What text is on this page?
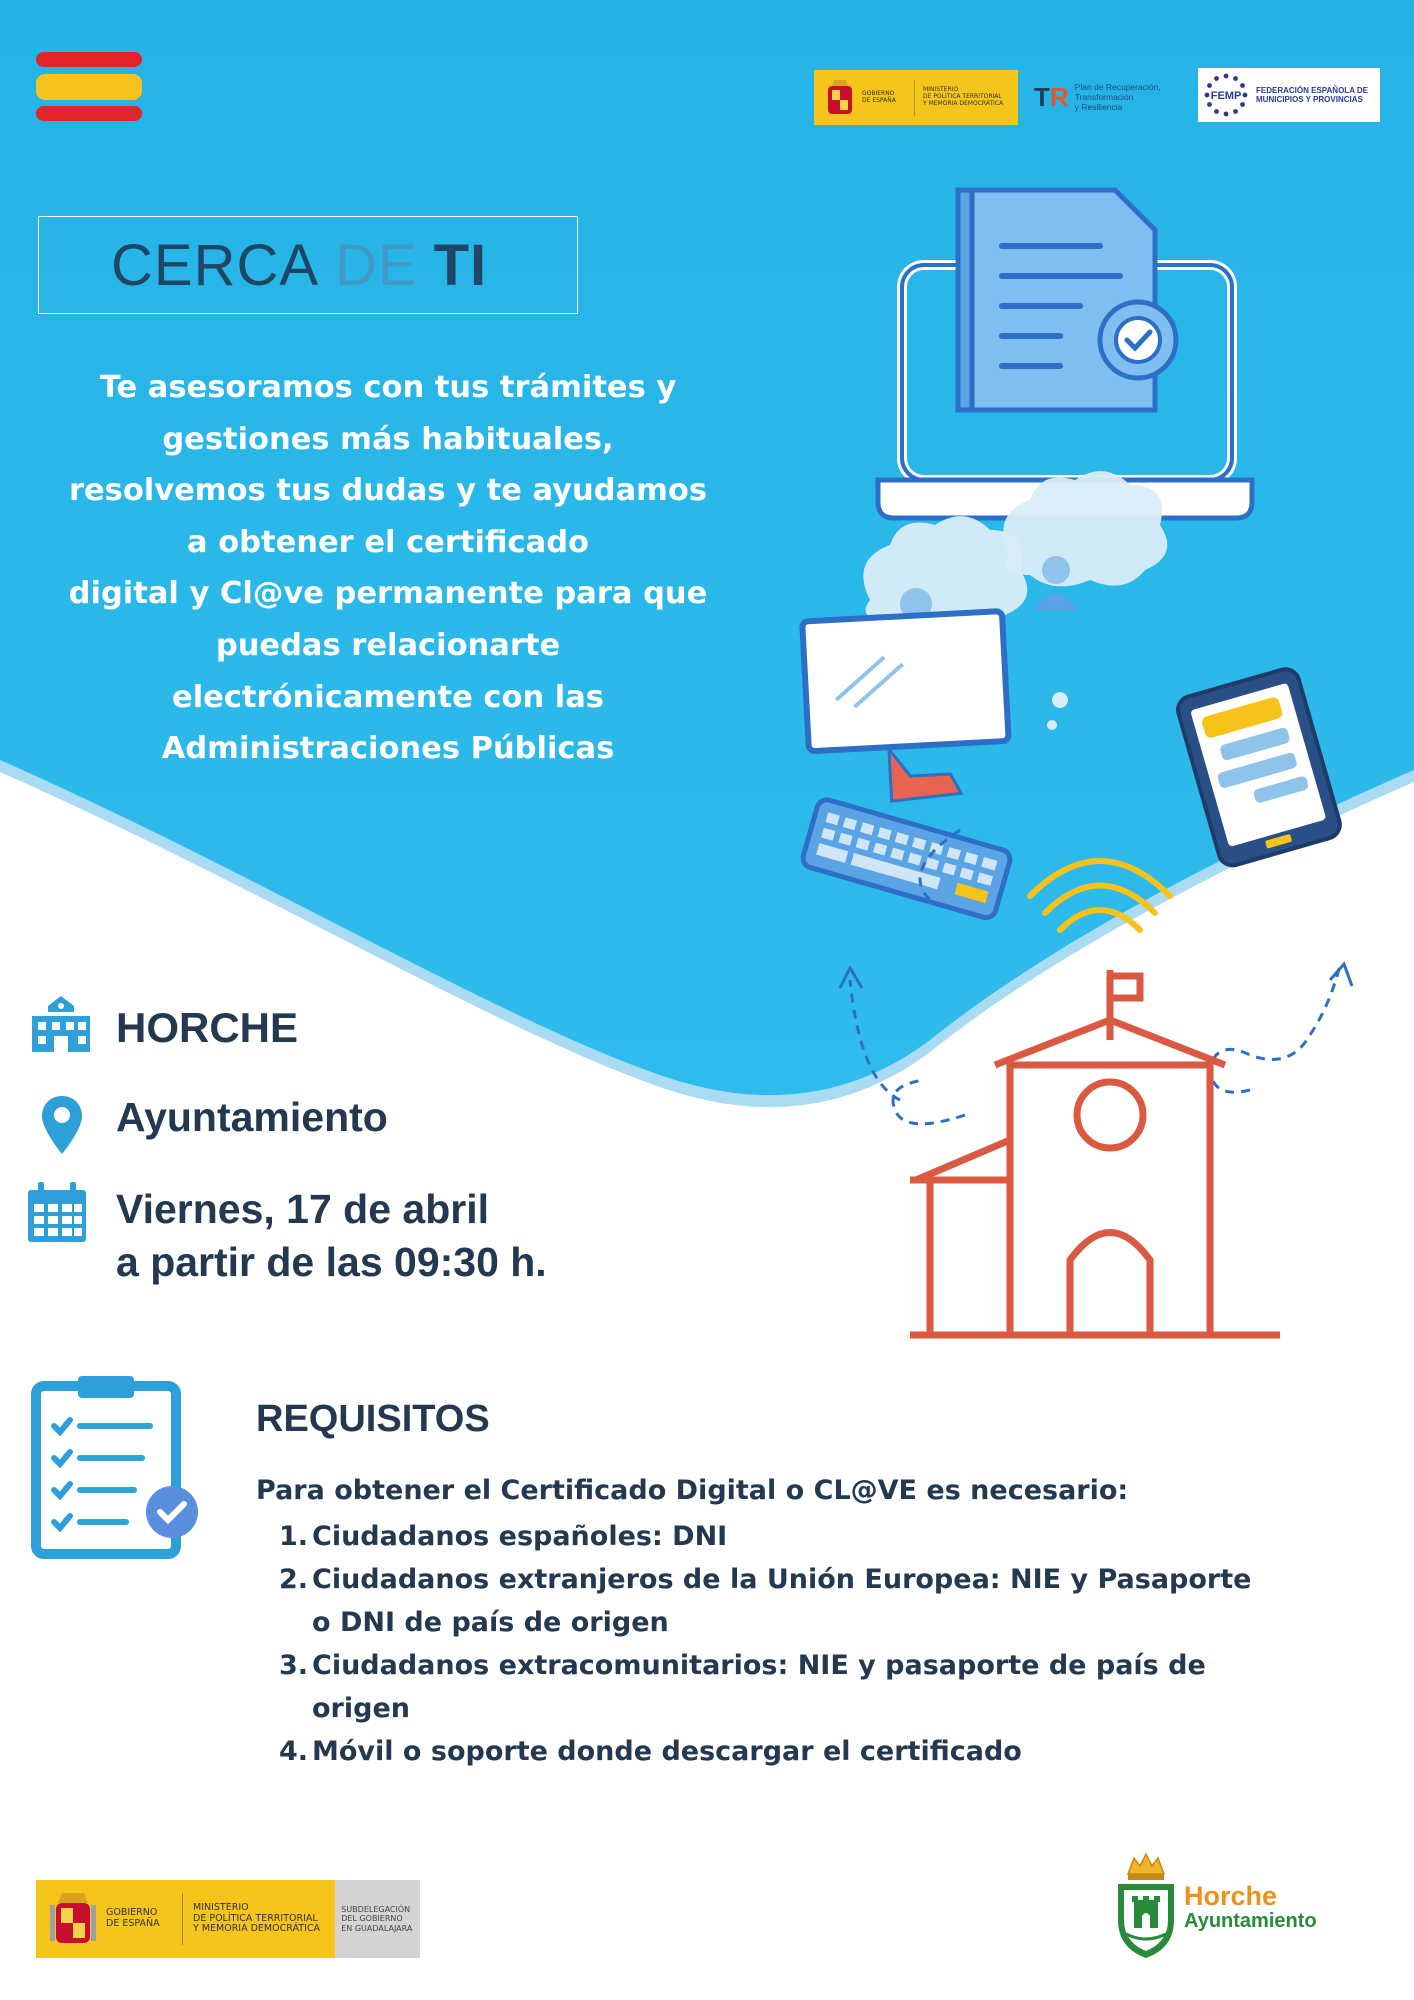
GOBIERNO
DE ESPAÑA
MINISTERIO
DE POLÍTICA TERRITORIAL
Y MEMORIA DEMOCRÁTICA	TR Plan de Recuperación,
Transformación
y Resiliencia
FEMP FEDERACIÓN ESPAÑOLA DE
MUNICIPIOS Y PROVINCIAS
CERCA DE TI
Te asesoramos con tus trámites y
gestiones más habituales,
resolvemos tus dudas y te ayudamos
a obtener el certificado
digital y Cl@ve permanente para que
puedas relacionarte
electrónicamente con las
Administraciones Públicas
HORCHE
Ayuntamiento
Viernes, 17 de abril
a partir de las 09:30 h.
REQUISITOS
Para obtener el Certificado Digital o CL@VE es necesario:
1. Ciudadanos españoles: DNI
2. Ciudadanos extranjeros de la Unión Europea: NIE y Pasaporte o DNI de país de origen
3. Ciudadanos extracomunitarios: NIE y pasaporte de país de origen
4. Móvil o soporte donde descargar el certificado
GOBIERNO
DE ESPAÑA
MINISTERIO
DE POLÍTICA TERRITORIAL
Y MEMORIA DEMOCRÁTICA
SUBDELEGACIÓN
DEL GOBIERNO
EN GUADALAJARA
Horche
Ayuntamiento
